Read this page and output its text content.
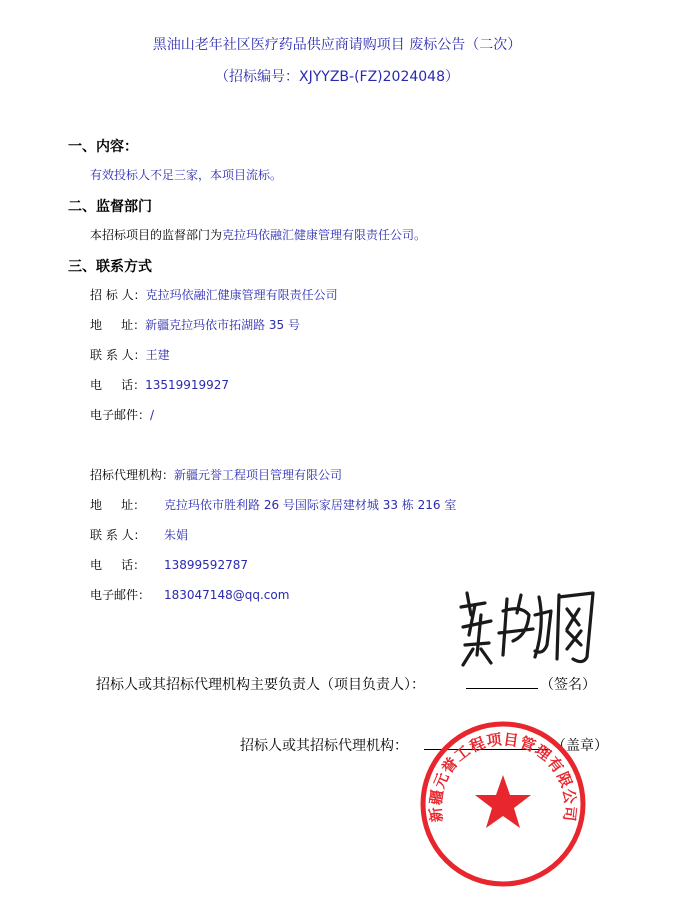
黑油山老年社区医疗药品供应商请购项目 废标公告（二次）
（招标编号：XJYYZB-(FZ)2024048）
一、内容：
有效投标人不足三家，本项目流标。
二、监督部门
本招标项目的监督部门为克拉玛依融汇健康管理有限责任公司。
三、联系方式
招 标 人：克拉玛依融汇健康管理有限责任公司
地     址：新疆克拉玛依市拓湖路 35 号
联 系 人：王建
电     话：13519919927
电子邮件：/
招标代理机构：新疆元誉工程项目管理有限公司
地     址： 克拉玛依市胜利路 26 号国际家居建材城 33 栋 216 室
联 系 人： 朱娟
电     话： 13899592787
电子邮件： 183047148@qq.com
招标人或其招标代理机构主要负责人（项目负责人）：	（签名）
招标人或其招标代理机构：	（盖章）
新疆元誉工程项目管理有限公司
